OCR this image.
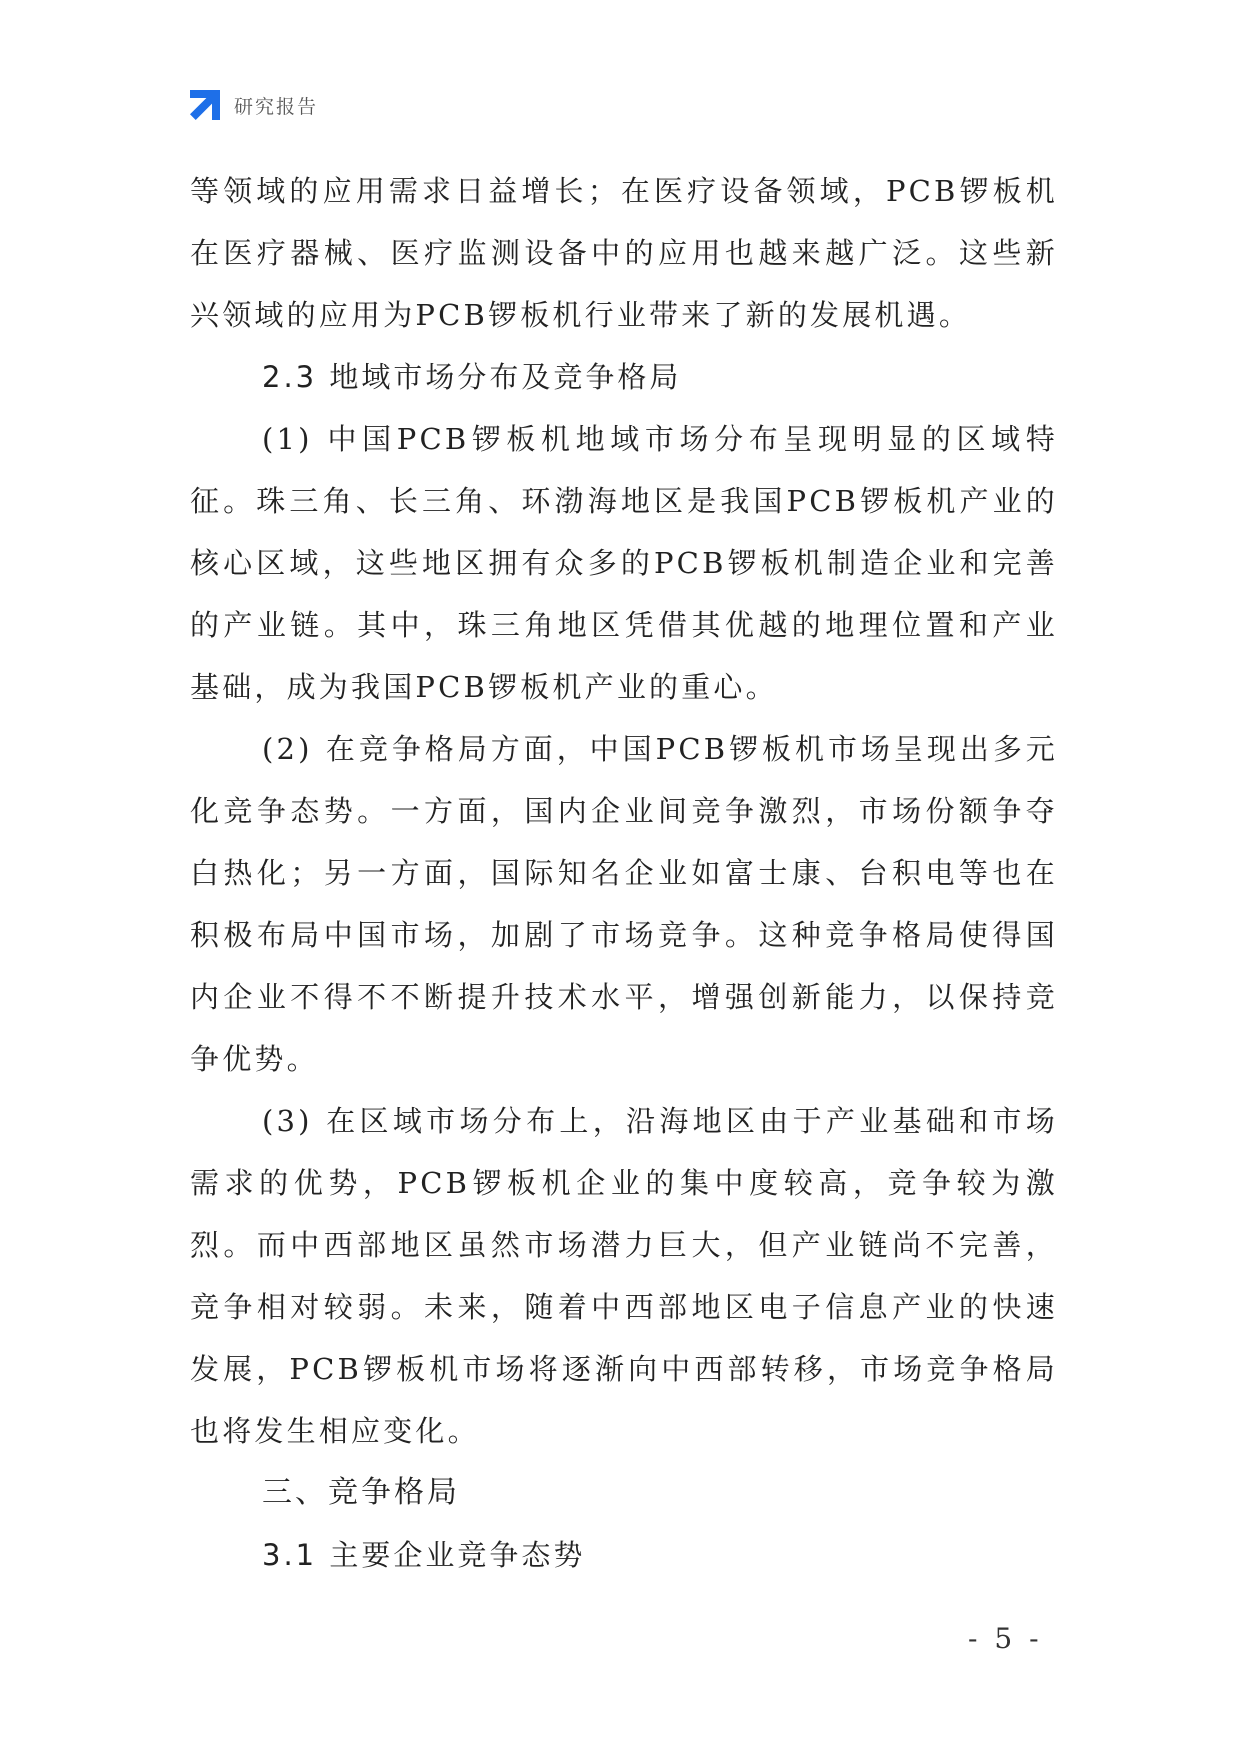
研究报告

等领域的应用需求日益增长；在医疗设备领域，PCB锣板机在医疗器械、医疗监测设备中的应用也越来越广泛。这些新兴领域的应用为PCB锣板机行业带来了新的发展机遇。

2.3 地域市场分布及竞争格局

(1) 中国PCB锣板机地域市场分布呈现明显的区域特征。珠三角、长三角、环渤海地区是我国PCB锣板机产业的核心区域，这些地区拥有众多的PCB锣板机制造企业和完善的产业链。其中，珠三角地区凭借其优越的地理位置和产业基础，成为我国PCB锣板机产业的重心。

(2) 在竞争格局方面，中国PCB锣板机市场呈现出多元化竞争态势。一方面，国内企业间竞争激烈，市场份额争夺白热化；另一方面，国际知名企业如富士康、台积电等也在积极布局中国市场，加剧了市场竞争。这种竞争格局使得国内企业不得不不断提升技术水平，增强创新能力，以保持竞争优势。

(3) 在区域市场分布上，沿海地区由于产业基础和市场需求的优势，PCB锣板机企业的集中度较高，竞争较为激烈。而中西部地区虽然市场潜力巨大，但产业链尚不完善，竞争相对较弱。未来，随着中西部地区电子信息产业的快速发展，PCB锣板机市场将逐渐向中西部转移，市场竞争格局也将发生相应变化。

三、竞争格局

3.1 主要企业竞争态势

- 5 -
